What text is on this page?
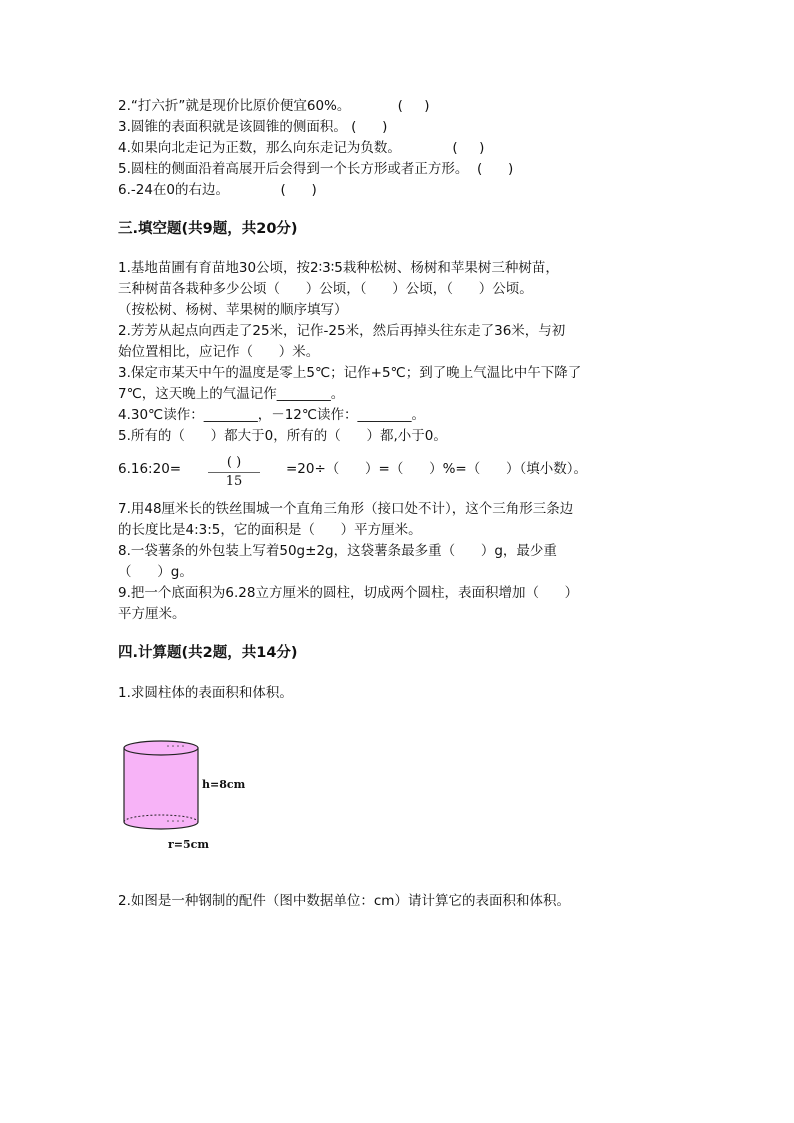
2.“打六折”就是现价比原价便宜60%。           (     )
3.圆锥的表面积就是该圆锥的侧面积。 (      )
4.如果向北走记为正数，那么向东走记为负数。            (     )
5.圆柱的侧面沿着高展开后会得到一个长方形或者正方形。  (      )
6.-24在0的右边。            (      )
三.填空题(共9题，共20分)
1.基地苗圃有育苗地30公顷，按2∶3∶5栽种松树、杨树和苹果树三种树苗，
三种树苗各栽种多少公顷（      ）公顷，（      ）公顷，（      ）公顷。
（按松树、杨树、苹果树的顺序填写）
2.芳芳从起点向西走了25米，记作-25米，然后再掉头往东走了36米，与初
始位置相比，应记作（      ）米。
3.保定市某天中午的温度是零上5℃；记作+5℃；到了晚上气温比中午下降了
7℃，这天晚上的气温记作________。
4.30℃读作：________，－12℃读作：________。
5.所有的（      ）都大于0，所有的（      ）都,小于0。
6.16:20=	( )
15
=20÷（      ）=（      ）%=（      ）（填小数）。
7.用48厘米长的铁丝围城一个直角三角形（接口处不计），这个三角形三条边
的长度比是4:3:5，它的面积是（      ）平方厘米。
8.一袋薯条的外包装上写着50g±2g，这袋薯条最多重（      ）g，最少重
（      ）g。
9.把一个底面积为6.28立方厘米的圆柱，切成两个圆柱，表面积增加（      ）
平方厘米。
四.计算题(共2题，共14分)
1.求圆柱体的表面积和体积。
h=8cm
r=5cm
2.如图是一种钢制的配件（图中数据单位：cm）请计算它的表面积和体积。
